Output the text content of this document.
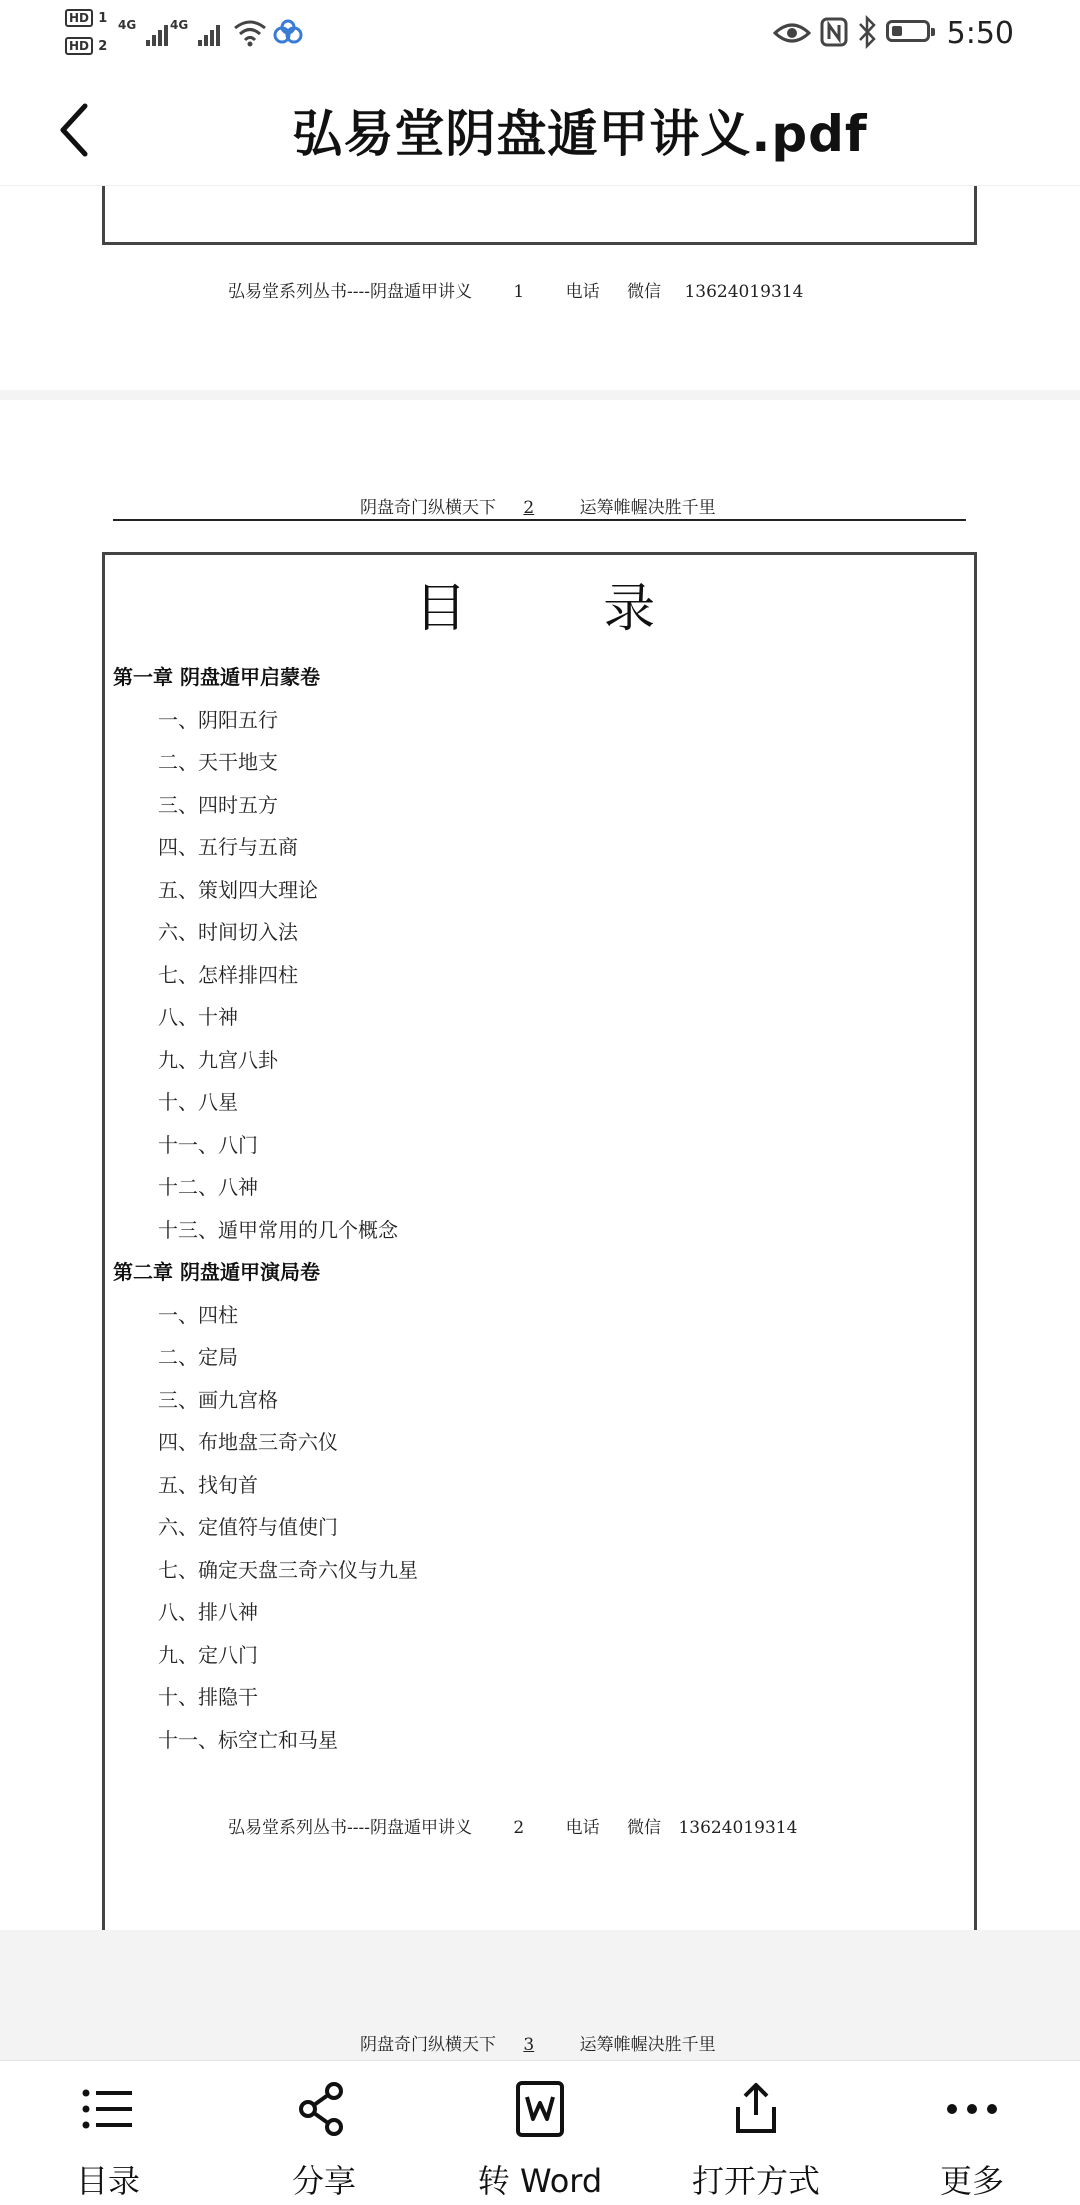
HD 1
HD 2
4G	4G	5:50
弘易堂阴盘遁甲讲义.pdf
弘易堂系列丛书----阴盘遁甲讲义 1 电话 微信 13624019314
阴盘奇门纵横天下 2	运筹帷幄决胜千里
目 录
第一章 阴盘遁甲启蒙卷
一、阴阳五行
二、天干地支
三、四时五方
四、五行与五商
五、策划四大理论
六、时间切入法
七、怎样排四柱
八、十神
九、九宫八卦
十、八星
十一、八门
十二、八神
十三、遁甲常用的几个概念
第二章 阴盘遁甲演局卷
一、四柱
二、定局
三、画九宫格
四、布地盘三奇六仪
五、找旬首
六、定值符与值使门
七、确定天盘三奇六仪与九星
八、排八神
九、定八门
十、排隐干
十一、标空亡和马星
弘易堂系列丛书----阴盘遁甲讲义 2 电话 微信 13624019314
阴盘奇门纵横天下 3	运筹帷幄决胜千里
目录	分享	转 Word	打开方式	更多
